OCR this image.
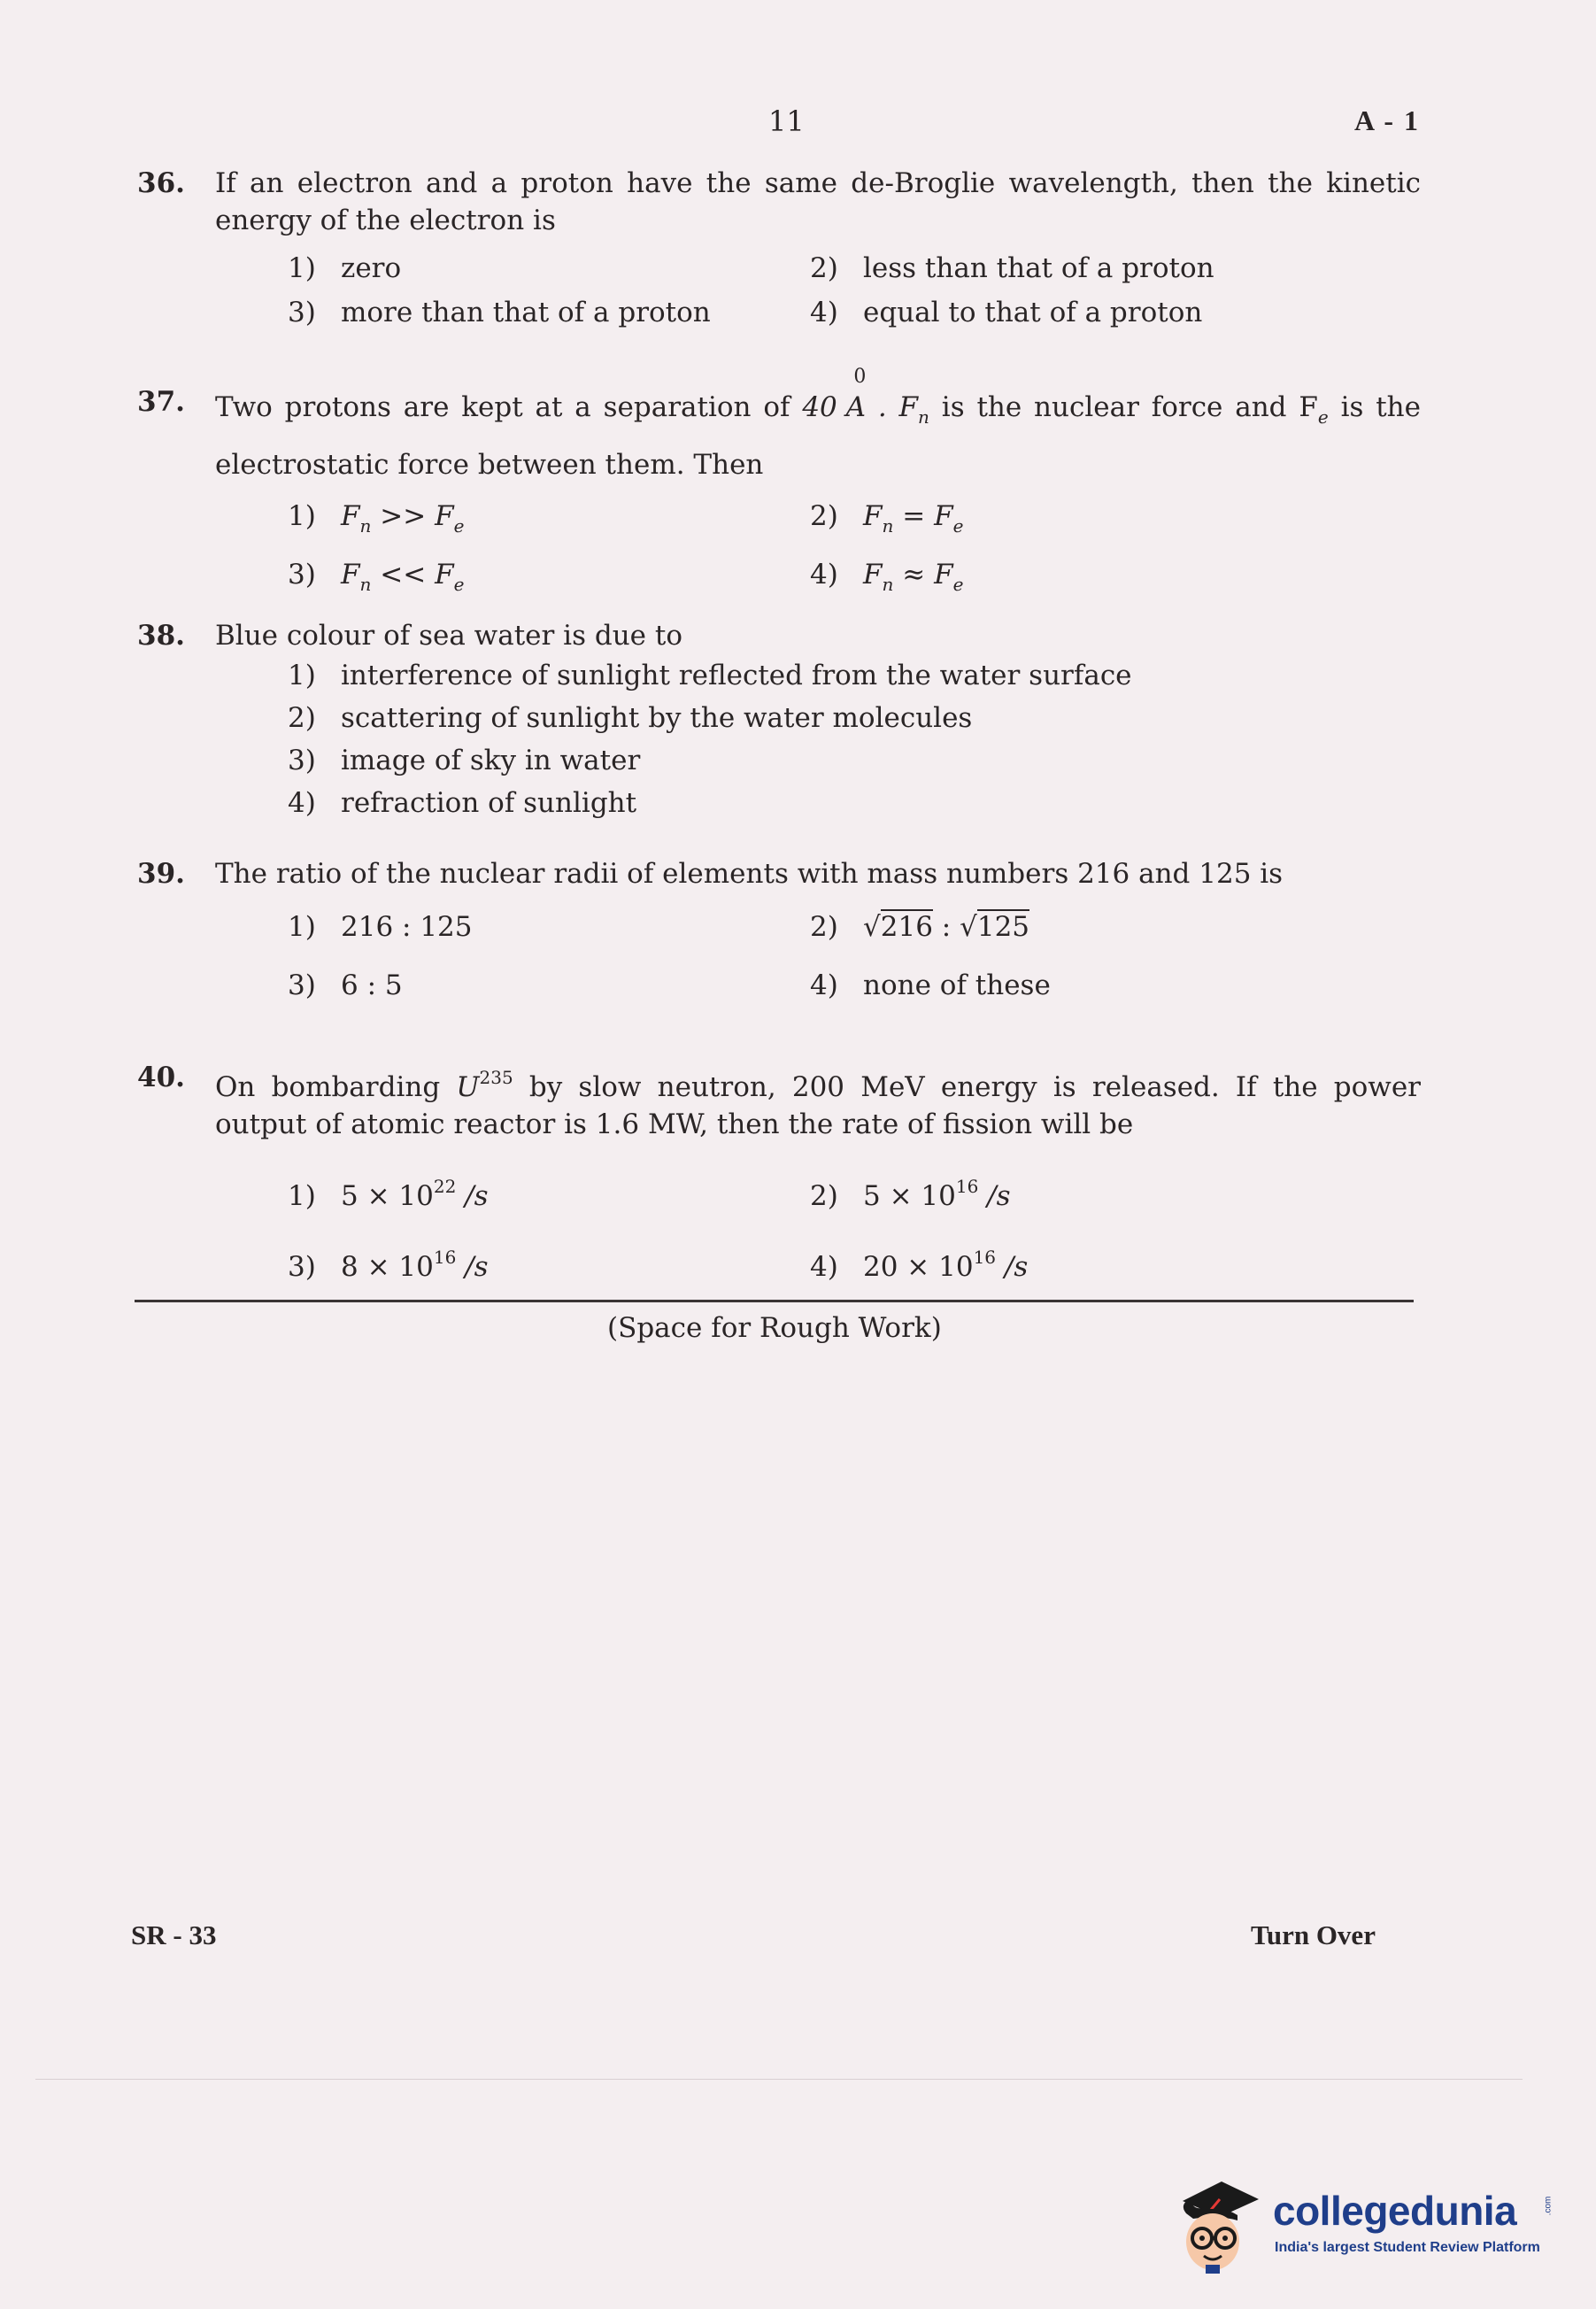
11	A - 1
36. If an electron and a proton have the same de-Broglie wavelength, then the kinetic energy of the electron is
1) zero	2) less than that of a proton
3) more than that of a proton	4) equal to that of a proton
37. Two protons are kept at a separation of 40 A
0
. $F_n$ is the nuclear force and $F_e$ is the electrostatic force between them. Then
1) $F_n >> F_e$	2) $F_n = F_e$
3) $F_n << F_e$	4) $F_n \approx F_e$
38. Blue colour of sea water is due to
1) interference of sunlight reflected from the water surface
2) scattering of sunlight by the water molecules
3) image of sky in water
4) refraction of sunlight
39. The ratio of the nuclear radii of elements with mass numbers 216 and 125 is
1) 216 : 125	2) √216 : √125
3) 6 : 5	4) none of these
40. On bombarding $U^{235}$ by slow neutron, 200 MeV energy is released. If the power output of atomic reactor is 1.6 MW, then the rate of fission will be
1) $5 \times 10^{22}$ /s	2) $5 \times 10^{16}$ /s
3) $8 \times 10^{16}$ /s	4) $20 \times 10^{16}$ /s
(Space for Rough Work)
SR - 33	Turn Over
collegedunia	.com
India's largest Student Review Platform
